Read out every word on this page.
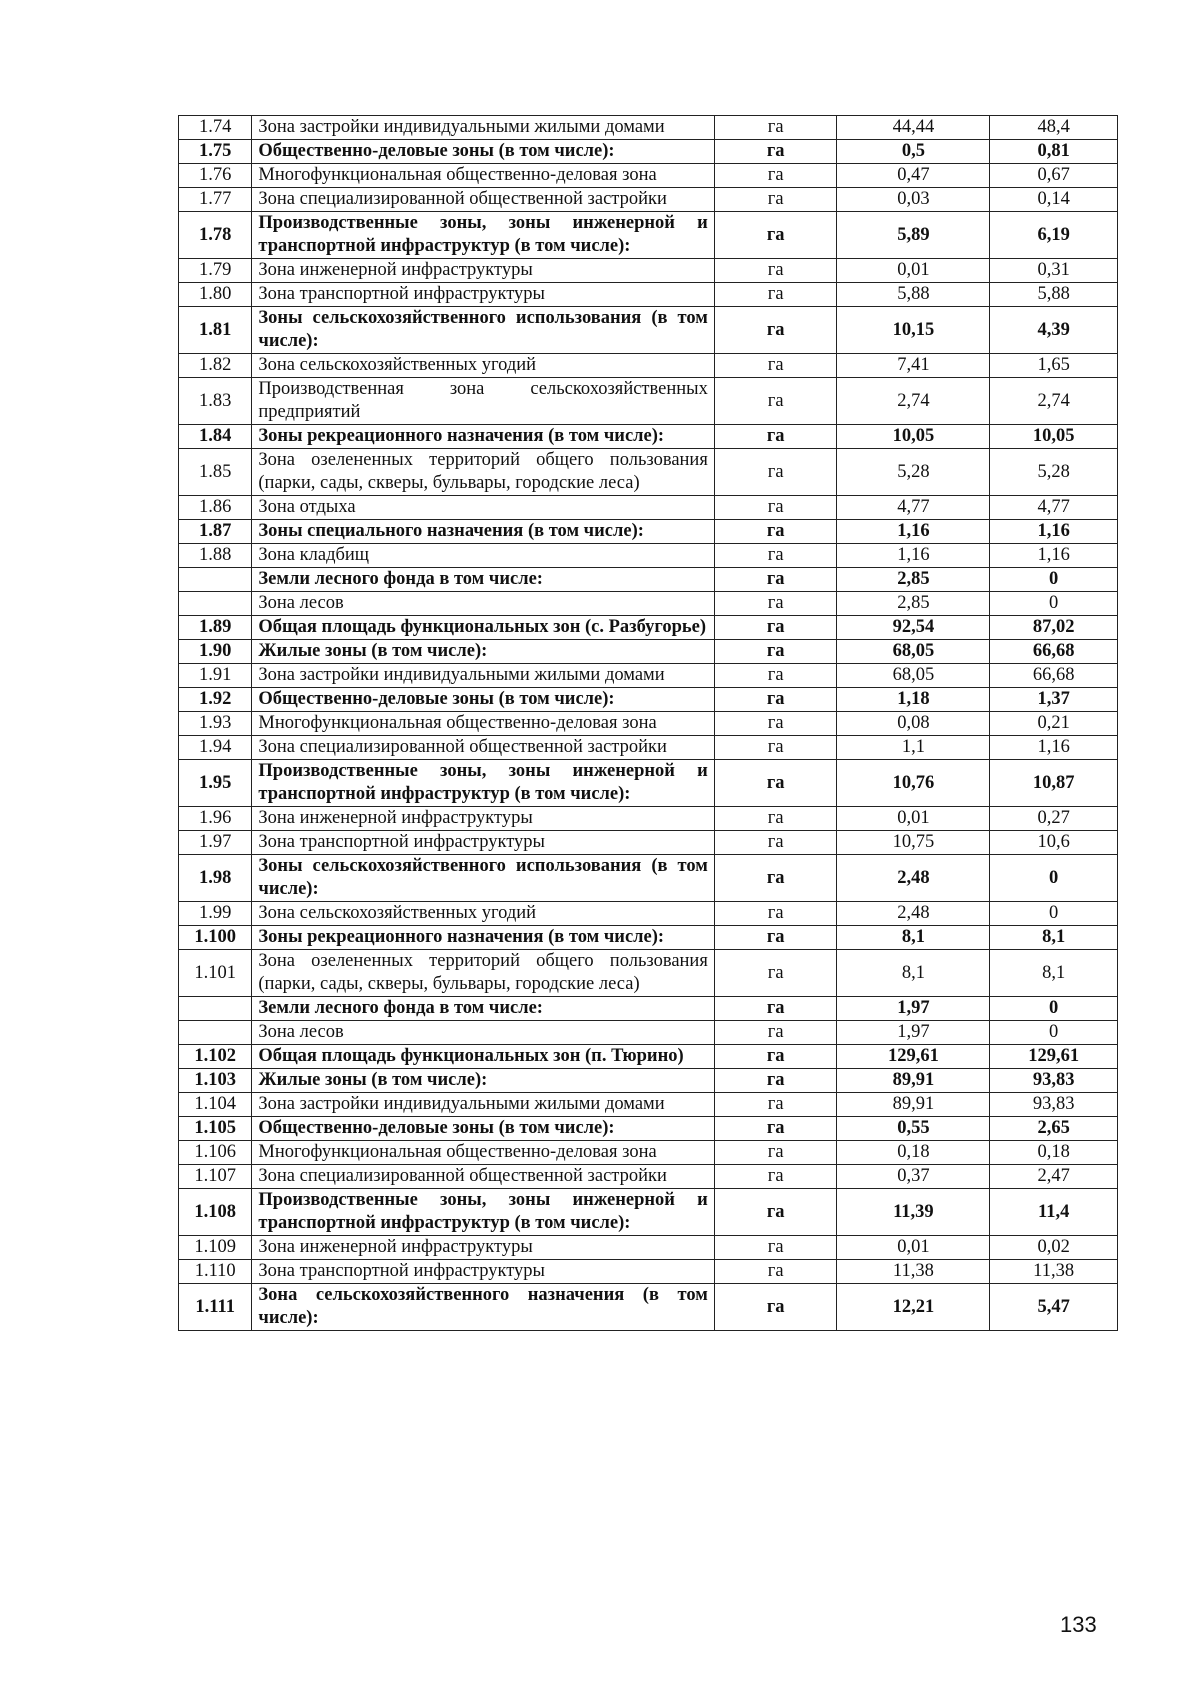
1.74	Зона застройки индивидуальными жилыми домами	га	44,44	48,4
1.75	Общественно-деловые зоны (в том числе):	га	0,5	0,81
1.76	Многофункциональная общественно-деловая зона	га	0,47	0,67
1.77	Зона специализированной общественной застройки	га	0,03	0,14
1.78	Производственные зоны, зоны инженерной и транспортной инфраструктур (в том числе):	га	5,89	6,19
1.79	Зона инженерной инфраструктуры	га	0,01	0,31
1.80	Зона транспортной инфраструктуры	га	5,88	5,88
1.81	Зоны сельскохозяйственного использования (в том числе):	га	10,15	4,39
1.82	Зона сельскохозяйственных угодий	га	7,41	1,65
1.83	Производственная зона сельскохозяйственных предприятий	га	2,74	2,74
1.84	Зоны рекреационного назначения (в том числе):	га	10,05	10,05
1.85	Зона озелененных территорий общего пользования (парки, сады, скверы, бульвары, городские леса)	га	5,28	5,28
1.86	Зона отдыха	га	4,77	4,77
1.87	Зоны специального назначения (в том числе):	га	1,16	1,16
1.88	Зона кладбищ	га	1,16	1,16
	Земли лесного фонда в том числе:	га	2,85	0
	Зона лесов	га	2,85	0
1.89	Общая площадь функциональных зон (с. Разбугорье)	га	92,54	87,02
1.90	Жилые зоны (в том числе):	га	68,05	66,68
1.91	Зона застройки индивидуальными жилыми домами	га	68,05	66,68
1.92	Общественно-деловые зоны (в том числе):	га	1,18	1,37
1.93	Многофункциональная общественно-деловая зона	га	0,08	0,21
1.94	Зона специализированной общественной застройки	га	1,1	1,16
1.95	Производственные зоны, зоны инженерной и транспортной инфраструктур (в том числе):	га	10,76	10,87
1.96	Зона инженерной инфраструктуры	га	0,01	0,27
1.97	Зона транспортной инфраструктуры	га	10,75	10,6
1.98	Зоны сельскохозяйственного использования (в том числе):	га	2,48	0
1.99	Зона сельскохозяйственных угодий	га	2,48	0
1.100	Зоны рекреационного назначения (в том числе):	га	8,1	8,1
1.101	Зона озелененных территорий общего пользования (парки, сады, скверы, бульвары, городские леса)	га	8,1	8,1
	Земли лесного фонда в том числе:	га	1,97	0
	Зона лесов	га	1,97	0
1.102	Общая площадь функциональных зон (п. Тюрино)	га	129,61	129,61
1.103	Жилые зоны (в том числе):	га	89,91	93,83
1.104	Зона застройки индивидуальными жилыми домами	га	89,91	93,83
1.105	Общественно-деловые зоны (в том числе):	га	0,55	2,65
1.106	Многофункциональная общественно-деловая зона	га	0,18	0,18
1.107	Зона специализированной общественной застройки	га	0,37	2,47
1.108	Производственные зоны, зоны инженерной и транспортной инфраструктур (в том числе):	га	11,39	11,4
1.109	Зона инженерной инфраструктуры	га	0,01	0,02
1.110	Зона транспортной инфраструктуры	га	11,38	11,38
1.111	Зона сельскохозяйственного назначения (в том числе):	га	12,21	5,47
133
